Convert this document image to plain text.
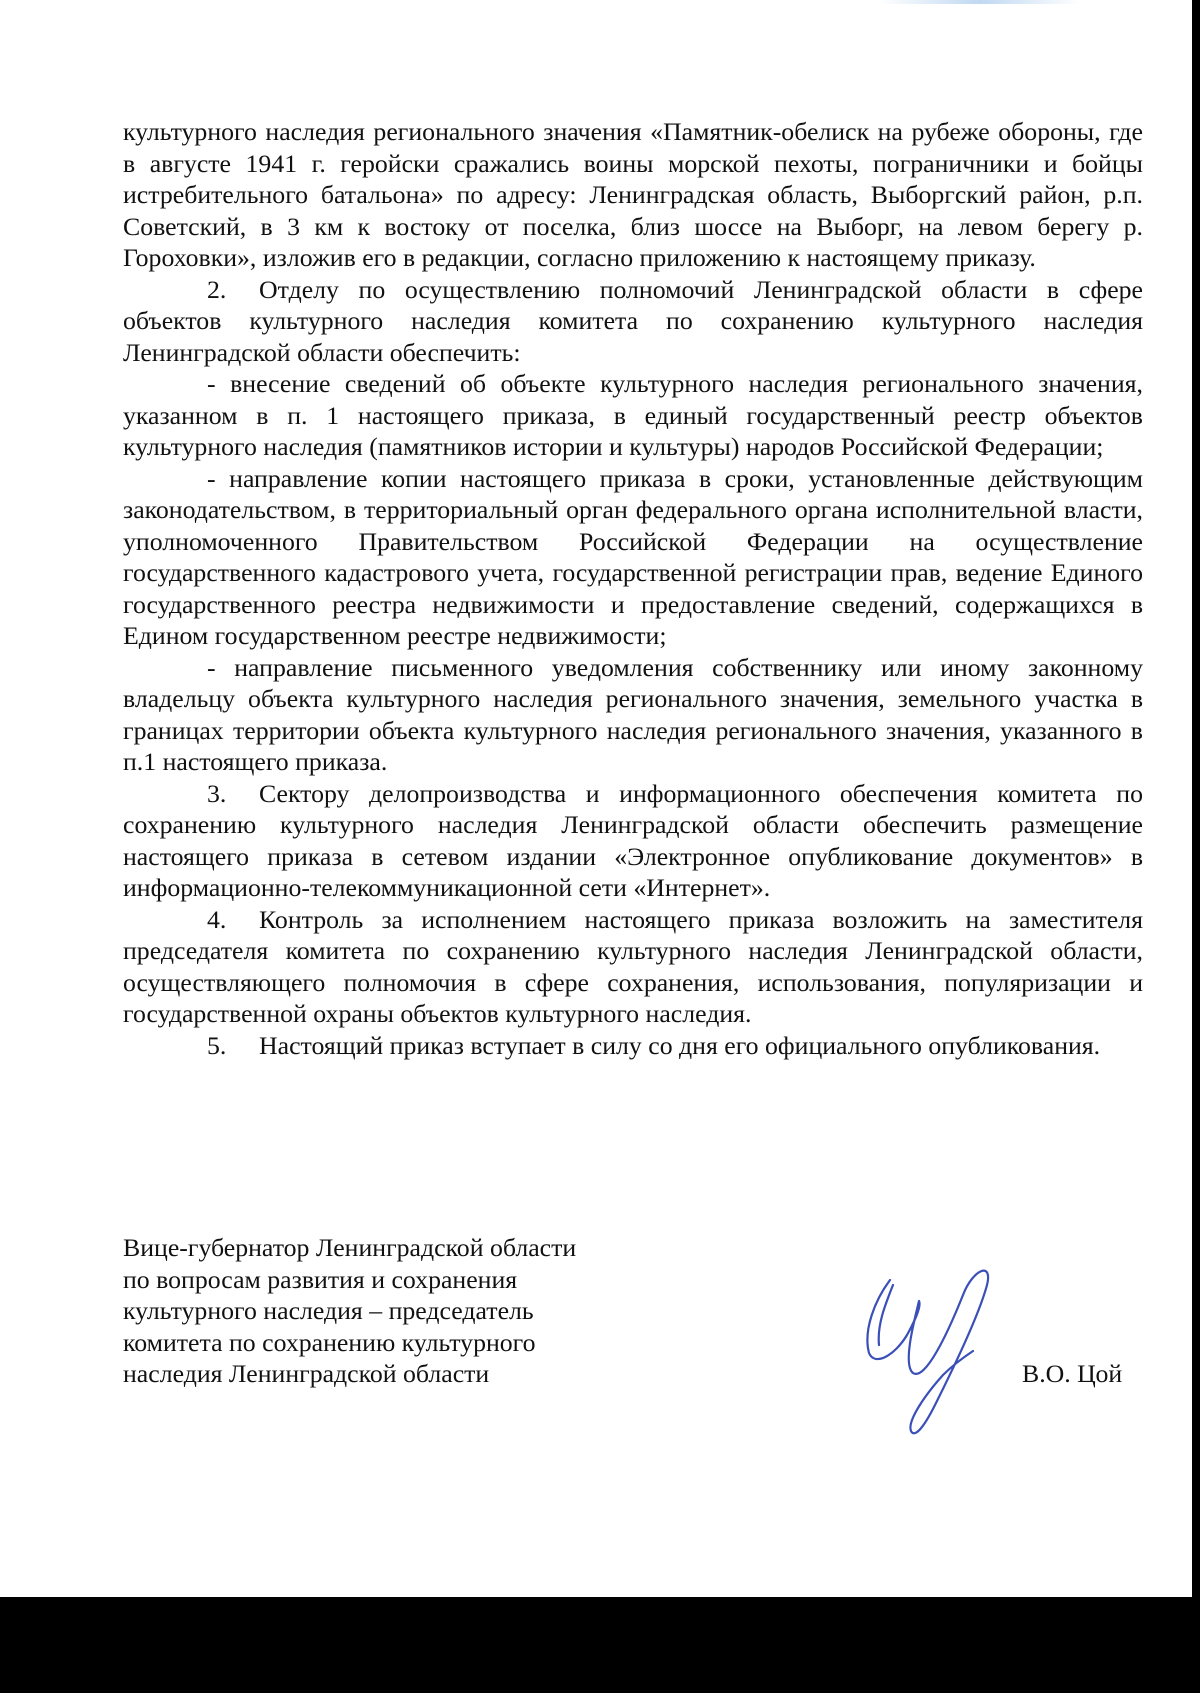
культурного наследия регионального значения «Памятник-обелиск на рубеже обороны, где в августе 1941 г. геройски сражались воины морской пехоты, пограничники и бойцы истребительного батальона» по адресу: Ленинградская область, Выборгский район, р.п. Советский, в 3 км к востоку от поселка, близ шоссе на Выборг, на левом берегу р. Гороховки», изложив его в редакции, согласно приложению к настоящему приказу.

2. Отделу по осуществлению полномочий Ленинградской области в сфере объектов культурного наследия комитета по сохранению культурного наследия Ленинградской области обеспечить:

- внесение сведений об объекте культурного наследия регионального значения, указанном в п. 1 настоящего приказа, в единый государственный реестр объектов культурного наследия (памятников истории и культуры) народов Российской Федерации;

- направление копии настоящего приказа в сроки, установленные действующим законодательством, в территориальный орган федерального органа исполнительной власти, уполномоченного Правительством Российской Федерации на осуществление государственного кадастрового учета, государственной регистрации прав, ведение Единого государственного реестра недвижимости и предоставление сведений, содержащихся в Едином государственном реестре недвижимости;

- направление письменного уведомления собственнику или иному законному владельцу объекта культурного наследия регионального значения, земельного участка в границах территории объекта культурного наследия регионального значения, указанного в п.1 настоящего приказа.

3. Сектору делопроизводства и информационного обеспечения комитета по сохранению культурного наследия Ленинградской области обеспечить размещение настоящего приказа в сетевом издании «Электронное опубликование документов» в информационно-телекоммуникационной сети «Интернет».

4. Контроль за исполнением настоящего приказа возложить на заместителя председателя комитета по сохранению культурного наследия Ленинградской области, осуществляющего полномочия в сфере сохранения, использования, популяризации и государственной охраны объектов культурного наследия.

5. Настоящий приказ вступает в силу со дня его официального опубликования.

Вице-губернатор Ленинградской области
по вопросам развития и сохранения
культурного наследия – председатель
комитета по сохранению культурного
наследия Ленинградской области	В.О. Цой
